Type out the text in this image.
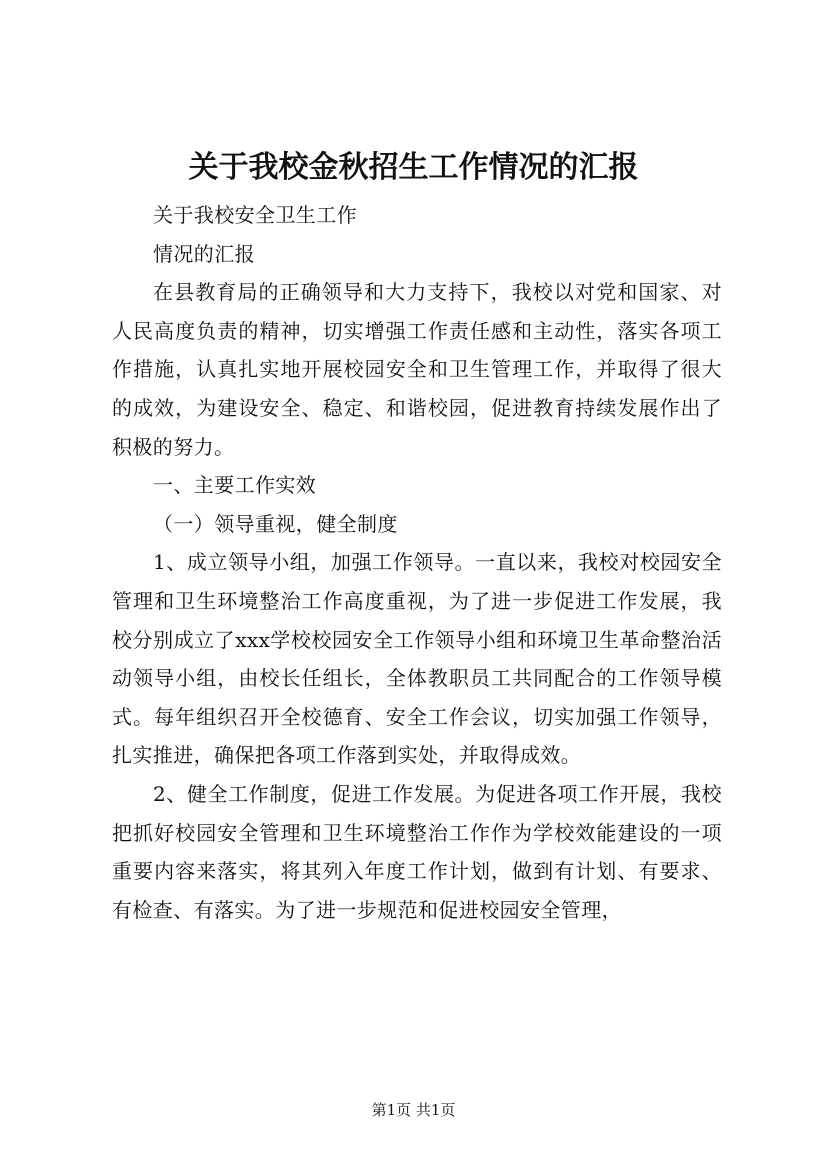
关于我校金秋招生工作情况的汇报

关于我校安全卫生工作

情况的汇报

在县教育局的正确领导和大力支持下，我校以对党和国家、对人民高度负责的精神，切实增强工作责任感和主动性，落实各项工作措施，认真扎实地开展校园安全和卫生管理工作，并取得了很大的成效，为建设安全、稳定、和谐校园，促进教育持续发展作出了积极的努力。

一、主要工作实效

（一）领导重视，健全制度

1、成立领导小组，加强工作领导。一直以来，我校对校园安全管理和卫生环境整治工作高度重视，为了进一步促进工作发展，我校分别成立了xxx学校校园安全工作领导小组和环境卫生革命整治活动领导小组，由校长任组长，全体教职员工共同配合的工作领导模式。每年组织召开全校德育、安全工作会议，切实加强工作领导，扎实推进，确保把各项工作落到实处，并取得成效。

2、健全工作制度，促进工作发展。为促进各项工作开展，我校把抓好校园安全管理和卫生环境整治工作作为学校效能建设的一项重要内容来落实，将其列入年度工作计划，做到有计划、有要求、有检查、有落实。为了进一步规范和促进校园安全管理，

第1页 共1页
